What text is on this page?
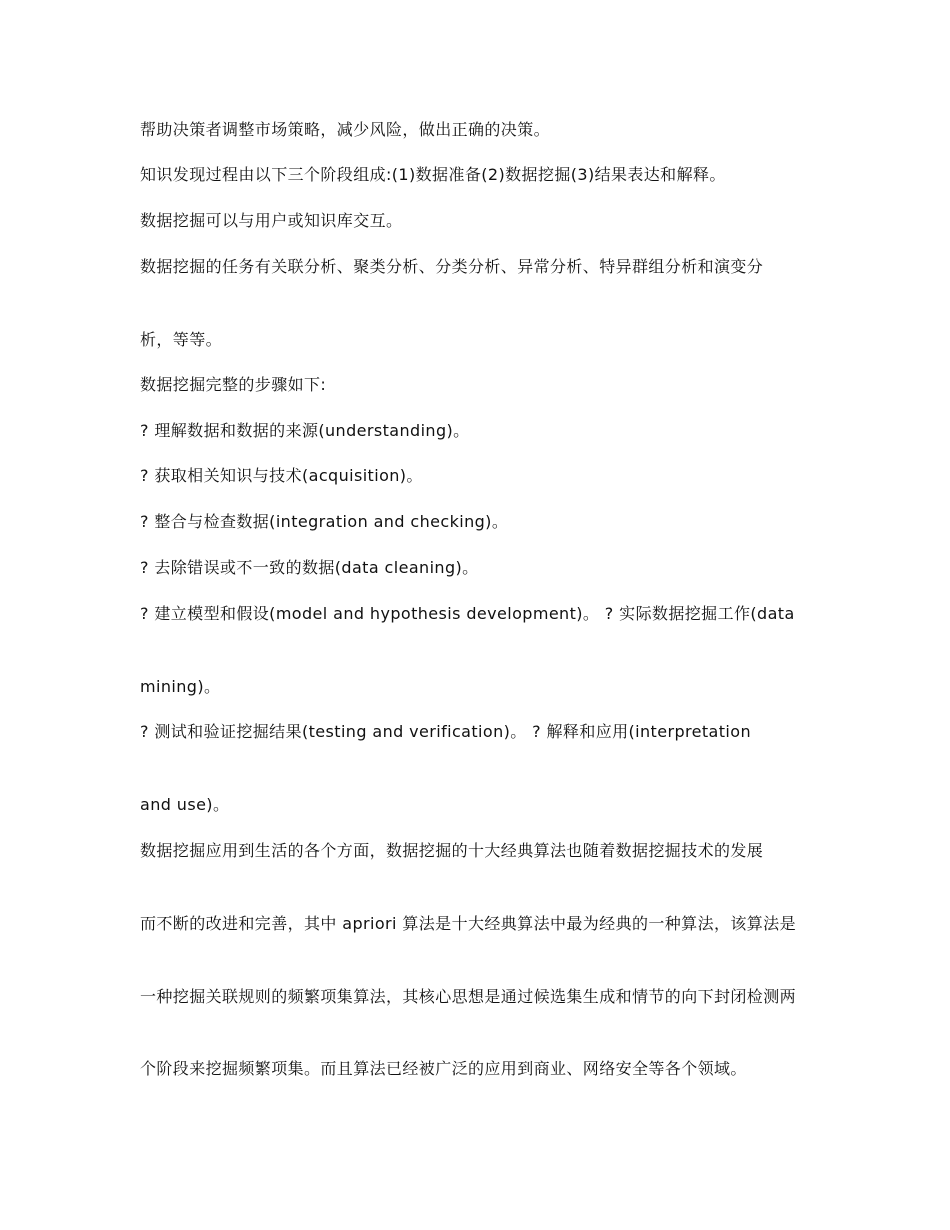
帮助决策者调整市场策略，减少风险，做出正确的决策。

知识发现过程由以下三个阶段组成:(1)数据准备(2)数据挖掘(3)结果表达和解释。

数据挖掘可以与用户或知识库交互。

数据挖掘的任务有关联分析、聚类分析、分类分析、异常分析、特异群组分析和演变分

析，等等。

数据挖掘完整的步骤如下:

? 理解数据和数据的来源(understanding)。

? 获取相关知识与技术(acquisition)。

? 整合与检查数据(integration and checking)。

? 去除错误或不一致的数据(data cleaning)。

? 建立模型和假设(model and hypothesis development)。 ? 实际数据挖掘工作(data

mining)。

? 测试和验证挖掘结果(testing and verification)。 ? 解释和应用(interpretation

and use)。

数据挖掘应用到生活的各个方面，数据挖掘的十大经典算法也随着数据挖掘技术的发展

而不断的改进和完善，其中 apriori 算法是十大经典算法中最为经典的一种算法，该算法是

一种挖掘关联规则的频繁项集算法，其核心思想是通过候选集生成和情节的向下封闭检测两

个阶段来挖掘频繁项集。而且算法已经被广泛的应用到商业、网络安全等各个领域。
